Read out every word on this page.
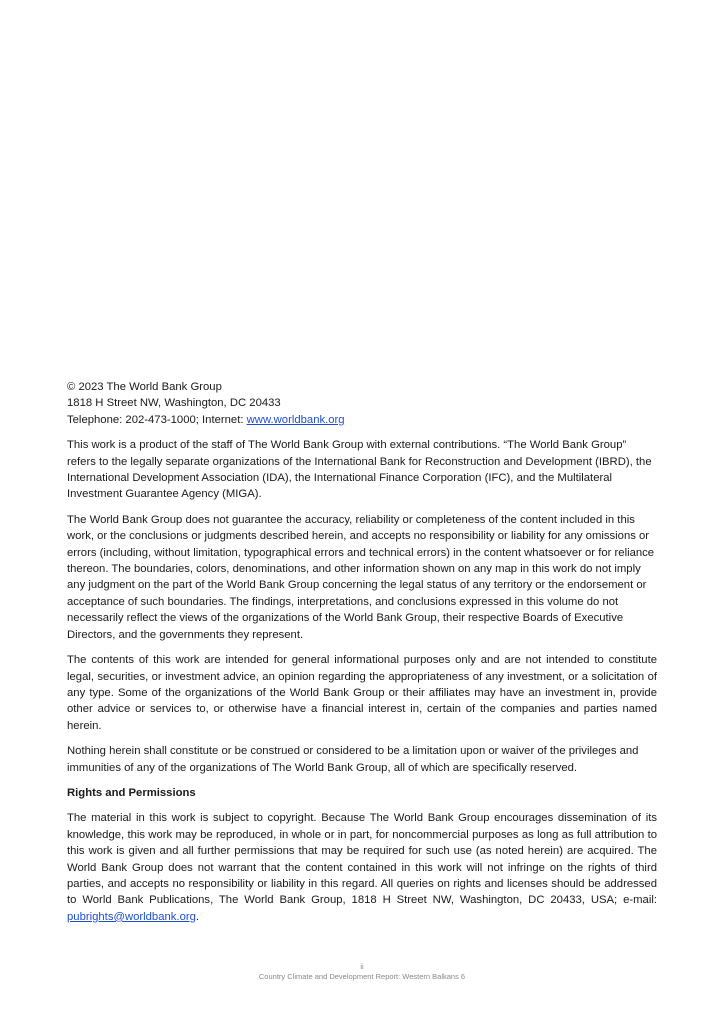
© 2023 The World Bank Group

1818 H Street NW, Washington, DC 20433

Telephone: 202-473-1000; Internet: www.worldbank.org

This work is a product of the staff of The World Bank Group with external contributions. “The World Bank Group” refers to the legally separate organizations of the International Bank for Reconstruction and Development (IBRD), the International Development Association (IDA), the International Finance Corporation (IFC), and the Multilateral Investment Guarantee Agency (MIGA).

The World Bank Group does not guarantee the accuracy, reliability or completeness of the content included in this work, or the conclusions or judgments described herein, and accepts no responsibility or liability for any omissions or errors (including, without limitation, typographical errors and technical errors) in the content whatsoever or for reliance thereon. The boundaries, colors, denominations, and other information shown on any map in this work do not imply any judgment on the part of the World Bank Group concerning the legal status of any territory or the endorsement or acceptance of such boundaries. The findings, interpretations, and conclusions expressed in this volume do not necessarily reflect the views of the organizations of the World Bank Group, their respective Boards of Executive Directors, and the governments they represent.

The contents of this work are intended for general informational purposes only and are not intended to constitute legal, securities, or investment advice, an opinion regarding the appropriateness of any investment, or a solicitation of any type. Some of the organizations of the World Bank Group or their affiliates may have an investment in, provide other advice or services to, or otherwise have a financial interest in, certain of the companies and parties named herein.

Nothing herein shall constitute or be construed or considered to be a limitation upon or waiver of the privileges and immunities of any of the organizations of The World Bank Group, all of which are specifically reserved.

Rights and Permissions

The material in this work is subject to copyright. Because The World Bank Group encourages dissemination of its knowledge, this work may be reproduced, in whole or in part, for noncommercial purposes as long as full attribution to this work is given and all further permissions that may be required for such use (as noted herein) are acquired. The World Bank Group does not warrant that the content contained in this work will not infringe on the rights of third parties, and accepts no responsibility or liability in this regard. All queries on rights and licenses should be addressed to World Bank Publications, The World Bank Group, 1818 H Street NW, Washington, DC 20433, USA; e-mail: pubrights@worldbank.org.

ii
Country Climate and Development Report: Western Balkans 6
